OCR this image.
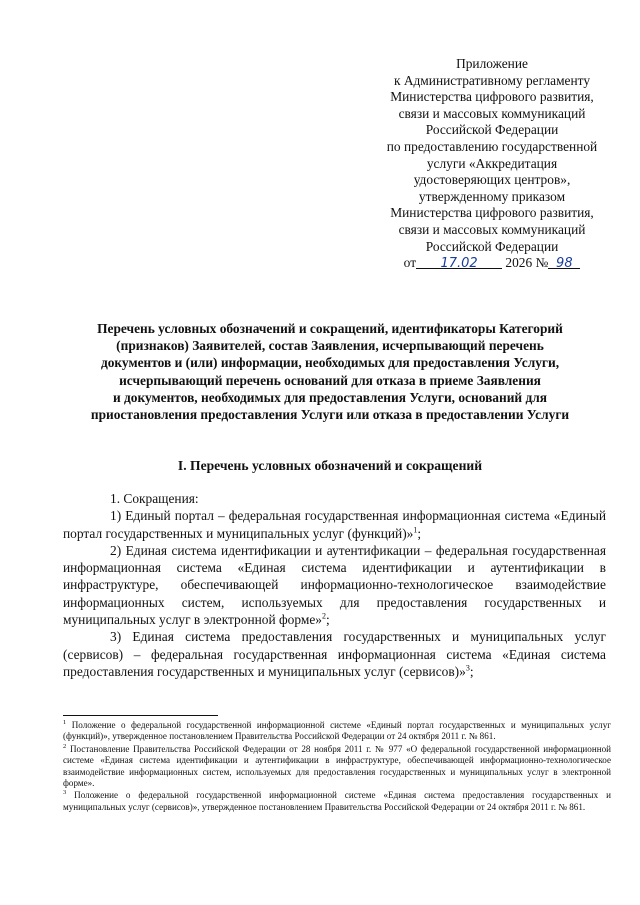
Приложение
к Административному регламенту
Министерства цифрового развития,
связи и массовых коммуникаций
Российской Федерации
по предоставлению государственной
услуги «Аккредитация
удостоверяющих центров»,
утвержденному приказом
Министерства цифрового развития,
связи и массовых коммуникаций
Российской Федерации
от 17.02 2026 № 98
Перечень условных обозначений и сокращений, идентификаторы Категорий
(признаков) Заявителей, состав Заявления, исчерпывающий перечень
документов и (или) информации, необходимых для предоставления Услуги,
исчерпывающий перечень оснований для отказа в приеме Заявления
и документов, необходимых для предоставления Услуги, оснований для
приостановления предоставления Услуги или отказа в предоставлении Услуги
I. Перечень условных обозначений и сокращений

1. Сокращения:

1) Единый портал – федеральная государственная информационная система «Единый портал государственных и муниципальных услуг (функций)»$^1$;

2) Единая система идентификации и аутентификации – федеральная государственная информационная система «Единая система идентификации и аутентификации в инфраструктуре, обеспечивающей информационно-технологическое взаимодействие информационных систем, используемых для предоставления государственных и муниципальных услуг в электронной форме»$^2$;

3) Единая система предоставления государственных и муниципальных услуг (сервисов) – федеральная государственная информационная система «Единая система предоставления государственных и муниципальных услуг (сервисов)»$^3$;

$^1$ Положение о федеральной государственной информационной системе «Единый портал государственных и муниципальных услуг (функций)», утвержденное постановлением Правительства Российской Федерации от 24 октября 2011 г. № 861.

$^2$ Постановление Правительства Российской Федерации от 28 ноября 2011 г. № 977 «О федеральной государственной информационной системе «Единая система идентификации и аутентификации в инфраструктуре, обеспечивающей информационно-технологическое взаимодействие информационных систем, используемых для предоставления государственных и муниципальных услуг в электронной форме».

$^3$ Положение о федеральной государственной информационной системе «Единая система предоставления государственных и муниципальных услуг (сервисов)», утвержденное постановлением Правительства Российской Федерации от 24 октября 2011 г. № 861.
